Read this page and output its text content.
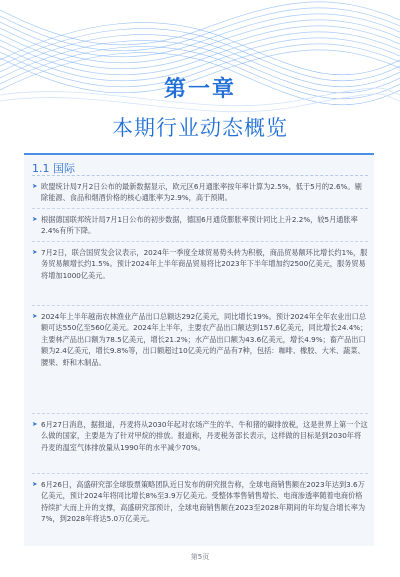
第一章
本期行业动态概览
1.1 国际
➤ 欧盟统计局7月2日公布的最新数据显示，欧元区6月通胀率按年率计算为2.5%，低于5月的2.6%。剔除能源、食品和烟酒价格的核心通胀率为2.9%，高于预期。
➤ 根据德国联邦统计局7月1日公布的初步数据，德国6月通货膨胀率预计同比上升2.2%，较5月通胀率2.4%有所下降。
➤ 7月2日，联合国贸发会议表示，2024年一季度全球贸易势头转为积极，商品贸易额环比增长约1%，服务贸易额增长约1.5%。预计2024年上半年商品贸易将比2023年下半年增加约2500亿美元，服务贸易将增加1000亿美元。
➤ 2024年上半年越南农林渔业产品出口总额达292亿美元，同比增长19%。预计2024年全年农业出口总额可达550亿至560亿美元。2024年上半年，主要农产品出口额达到157.6亿美元，同比增长24.4%；主要林产品出口额为78.5亿美元，增长21.2%；水产品出口额为43.6亿美元，增长4.9%；畜产品出口额为2.4亿美元，增长9.8%等，出口额超过10亿美元的产品有7种，包括：咖啡、橡胶、大米、蔬菜、腰果、虾和木制品。
➤ 6月27日消息，据报道，丹麦将从2030年起对农场产生的羊、牛和猪的碳排放税，这是世界上第一个这么做的国家，主要是为了针对甲烷的排放。报道称，丹麦税务部长表示，这样做的目标是到2030年将丹麦的温室气体排放量从1990年的水平减少70%。
➤ 6月26日，高盛研究部全球股票策略团队近日发布的研究报告称，全球电商销售额在2023年达到3.6万亿美元，预计2024年将同比增长8%至3.9万亿美元。受整体零售销售增长、电商渗透率随着电商价格持续扩大而上升的支撑，高盛研究部预计，全球电商销售额在2023至2028年期间的年均复合增长率为7%，到2028年将达5.0万亿美元。
第5页
